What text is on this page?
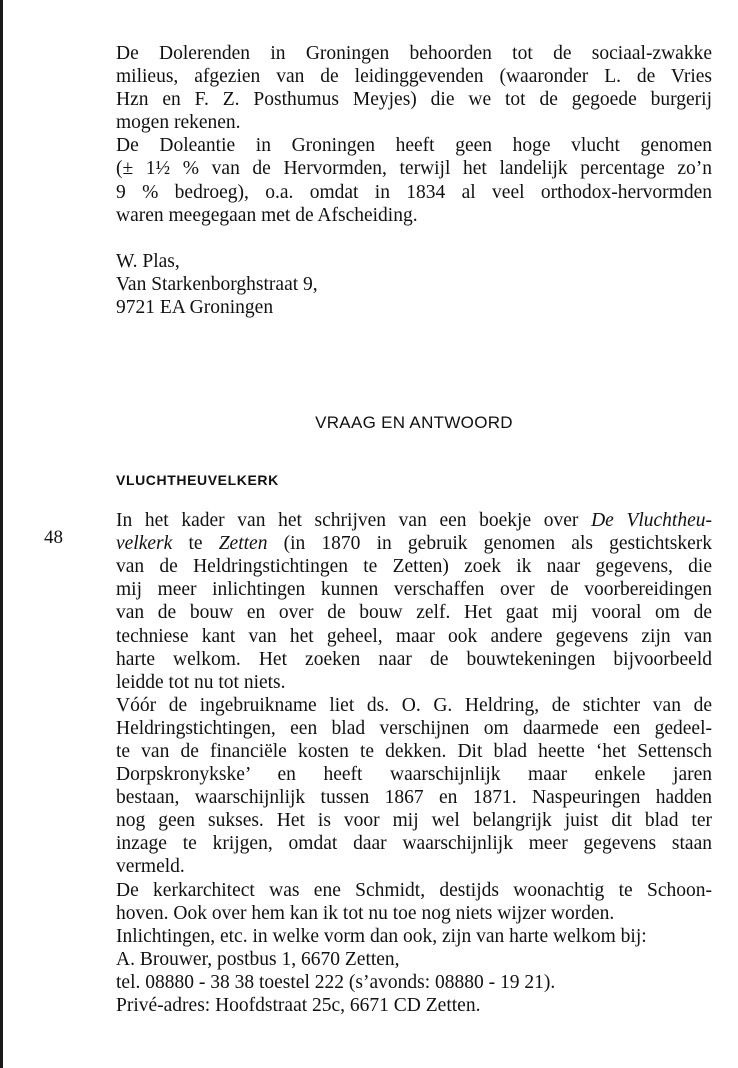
48
De Dolerenden in Groningen behoorden tot de sociaal-zwakke
milieus, afgezien van de leidinggevenden (waaronder L. de Vries
Hzn en F. Z. Posthumus Meyjes) die we tot de gegoede burgerij
mogen rekenen.
De Doleantie in Groningen heeft geen hoge vlucht genomen
(± 1½ % van de Hervormden, terwijl het landelijk percentage zo’n
9 % bedroeg), o.a. omdat in 1834 al veel orthodox-hervormden
waren meegegaan met de Afscheiding.
W. Plas,
Van Starkenborghstraat 9,
9721 EA Groningen
VRAAG EN ANTWOORD
VLUCHTHEUVELKERK
In het kader van het schrijven van een boekje over De Vluchtheu-
velkerk te Zetten (in 1870 in gebruik genomen als gestichtskerk
van de Heldringstichtingen te Zetten) zoek ik naar gegevens, die
mij meer inlichtingen kunnen verschaffen over de voorbereidingen
van de bouw en over de bouw zelf. Het gaat mij vooral om de
techniese kant van het geheel, maar ook andere gegevens zijn van
harte welkom. Het zoeken naar de bouwtekeningen bijvoorbeeld
leidde tot nu tot niets.
Vóór de ingebruikname liet ds. O. G. Heldring, de stichter van de
Heldringstichtingen, een blad verschijnen om daarmede een gedeel-
te van de financiële kosten te dekken. Dit blad heette ‘het Settensch
Dorpskronykske’ en heeft waarschijnlijk maar enkele jaren
bestaan, waarschijnlijk tussen 1867 en 1871. Naspeuringen hadden
nog geen sukses. Het is voor mij wel belangrijk juist dit blad ter
inzage te krijgen, omdat daar waarschijnlijk meer gegevens staan
vermeld.
De kerkarchitect was ene Schmidt, destijds woonachtig te Schoon-
hoven. Ook over hem kan ik tot nu toe nog niets wijzer worden.
Inlichtingen, etc. in welke vorm dan ook, zijn van harte welkom bij:
A. Brouwer, postbus 1, 6670 Zetten,
tel. 08880 - 38 38 toestel 222 (s’avonds: 08880 - 19 21).
Privé-adres: Hoofdstraat 25c, 6671 CD Zetten.
